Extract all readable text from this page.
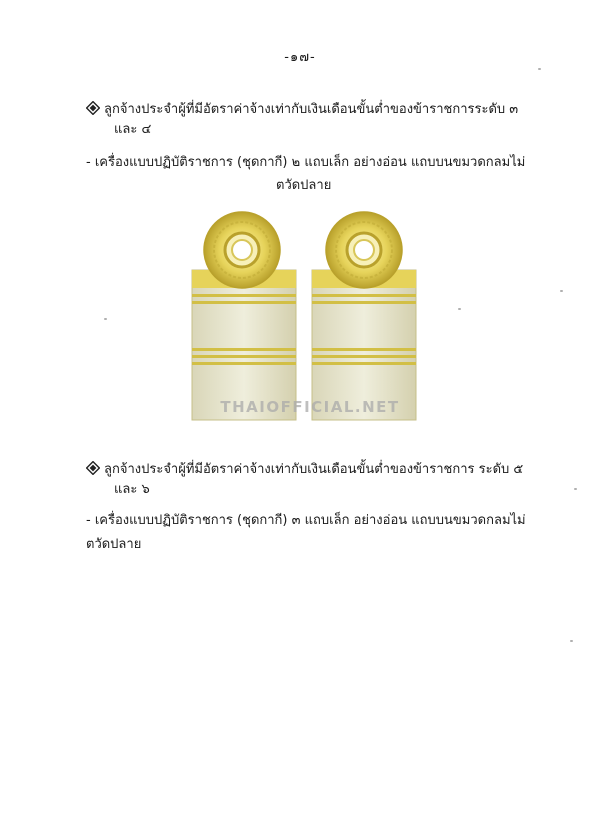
-๑๗-
ลูกจ้างประจำผู้ที่มีอัตราค่าจ้างเท่ากับเงินเดือนขั้นต่ำของข้าราชการระดับ ๓
และ ๔
- เครื่องแบบปฏิบัติราชการ (ชุดกากี) ๒ แถบเล็ก อย่างอ่อน แถบบนขมวดกลมไม่
ตวัดปลาย
THAIOFFICIAL.NET
ลูกจ้างประจำผู้ที่มีอัตราค่าจ้างเท่ากับเงินเดือนขั้นต่ำของข้าราชการ ระดับ ๕
และ ๖
- เครื่องแบบปฏิบัติราชการ (ชุดกากี) ๓ แถบเล็ก อย่างอ่อน แถบบนขมวดกลมไม่
ตวัดปลาย
